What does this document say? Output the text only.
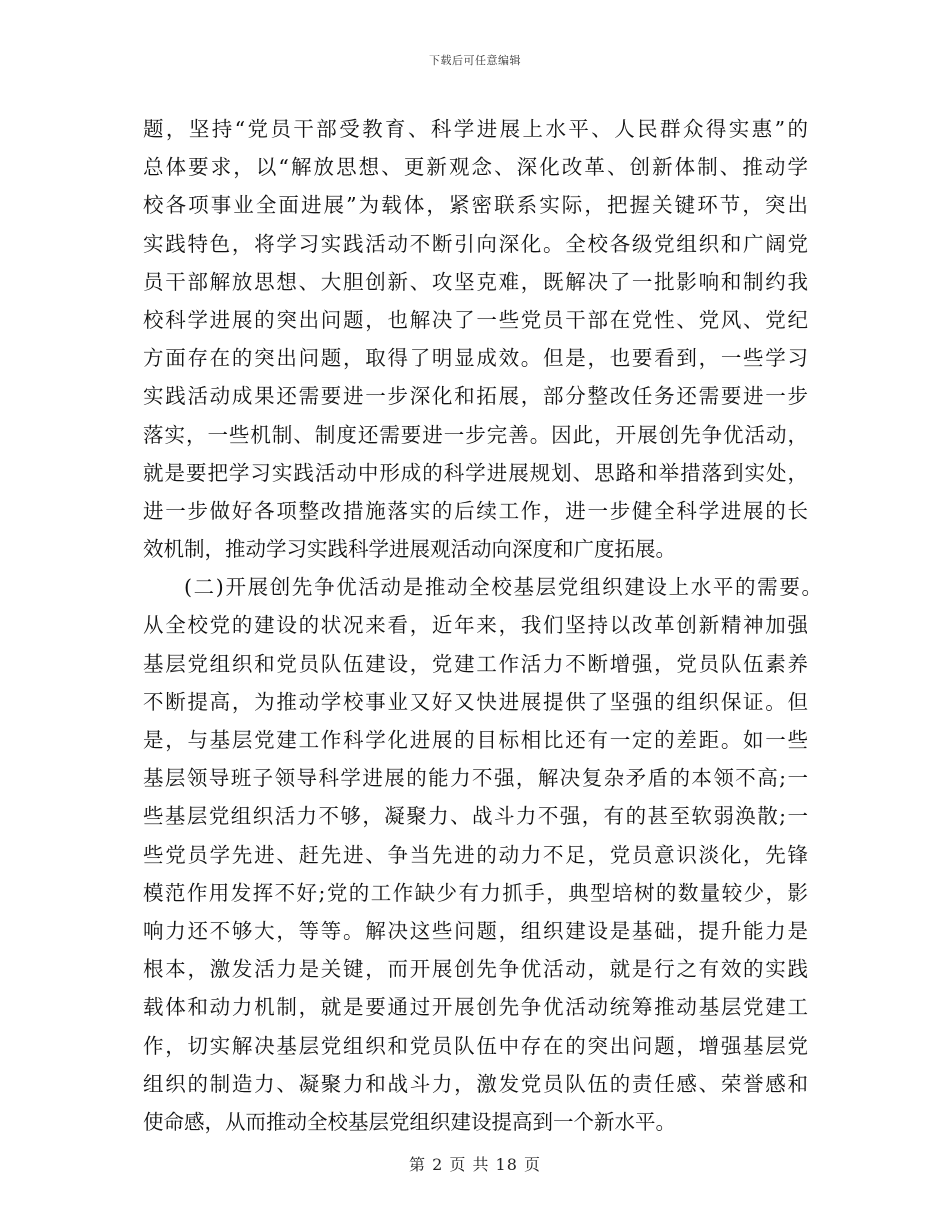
下载后可任意编辑
题，坚持“党员干部受教育、科学进展上水平、人民群众得实惠”的
总体要求，以“解放思想、更新观念、深化改革、创新体制、推动学
校各项事业全面进展”为载体，紧密联系实际，把握关键环节，突出
实践特色，将学习实践活动不断引向深化。全校各级党组织和广阔党
员干部解放思想、大胆创新、攻坚克难，既解决了一批影响和制约我
校科学进展的突出问题，也解决了一些党员干部在党性、党风、党纪
方面存在的突出问题，取得了明显成效。但是，也要看到，一些学习
实践活动成果还需要进一步深化和拓展，部分整改任务还需要进一步
落实，一些机制、制度还需要进一步完善。因此，开展创先争优活动，
就是要把学习实践活动中形成的科学进展规划、思路和举措落到实处，
进一步做好各项整改措施落实的后续工作，进一步健全科学进展的长
效机制，推动学习实践科学进展观活动向深度和广度拓展。
(二)开展创先争优活动是推动全校基层党组织建设上水平的需要。
从全校党的建设的状况来看，近年来，我们坚持以改革创新精神加强
基层党组织和党员队伍建设，党建工作活力不断增强，党员队伍素养
不断提高，为推动学校事业又好又快进展提供了坚强的组织保证。但
是，与基层党建工作科学化进展的目标相比还有一定的差距。如一些
基层领导班子领导科学进展的能力不强，解决复杂矛盾的本领不高;一
些基层党组织活力不够，凝聚力、战斗力不强，有的甚至软弱涣散;一
些党员学先进、赶先进、争当先进的动力不足，党员意识淡化，先锋
模范作用发挥不好;党的工作缺少有力抓手，典型培树的数量较少，影
响力还不够大，等等。解决这些问题，组织建设是基础，提升能力是
根本，激发活力是关键，而开展创先争优活动，就是行之有效的实践
载体和动力机制，就是要通过开展创先争优活动统筹推动基层党建工
作，切实解决基层党组织和党员队伍中存在的突出问题，增强基层党
组织的制造力、凝聚力和战斗力，激发党员队伍的责任感、荣誉感和
使命感，从而推动全校基层党组织建设提高到一个新水平。
第 2 页 共 18 页
